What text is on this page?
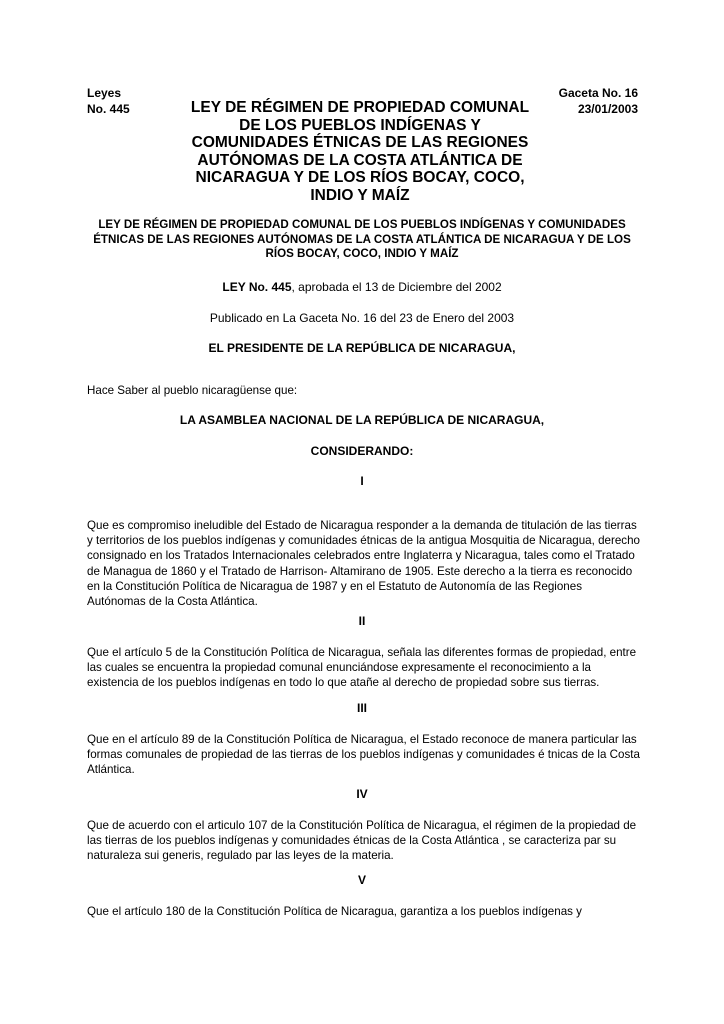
Leyes
No. 445
Gaceta No. 16
23/01/2003
LEY DE RÉGIMEN DE PROPIEDAD COMUNAL DE LOS PUEBLOS INDÍGENAS Y COMUNIDADES ÉTNICAS DE LAS REGIONES AUTÓNOMAS DE LA COSTA ATLÁNTICA DE NICARAGUA Y DE LOS RÍOS BOCAY, COCO, INDIO Y MAÍZ
LEY DE RÉGIMEN DE PROPIEDAD COMUNAL DE LOS PUEBLOS INDÍGENAS Y COMUNIDADES ÉTNICAS DE LAS REGIONES AUTÓNOMAS DE LA COSTA ATLÁNTICA DE NICARAGUA Y DE LOS RÍOS BOCAY, COCO, INDIO Y MAÍZ
LEY No. 445, aprobada el 13 de Diciembre del 2002
Publicado en La Gaceta No. 16 del 23 de Enero del 2003
EL PRESIDENTE DE LA REPÚBLICA DE NICARAGUA,
Hace Saber al pueblo nicaragüense que:
LA ASAMBLEA NACIONAL DE LA REPÚBLICA DE NICARAGUA,
CONSIDERANDO:
I
Que es compromiso ineludible del Estado de Nicaragua responder a la demanda de titulación de las tierras y territorios de los pueblos indígenas y comunidades étnicas de la antigua Mosquitia de Nicaragua, derecho consignado en los Tratados Internacionales celebrados entre Inglaterra y Nicaragua, tales como el Tratado de Managua de 1860 y el Tratado de Harrison- Altamirano de 1905. Este derecho a la tierra es reconocido en la Constitución Política de Nicaragua de 1987 y en el Estatuto de Autonomía de las Regiones Autónomas de la Costa Atlántica.
II
Que el artículo 5 de la Constitución Política de Nicaragua, señala las diferentes formas de propiedad, entre las cuales se encuentra la propiedad comunal enunciándose expresamente el reconocimiento a la existencia de los pueblos indígenas en todo lo que atañe al derecho de propiedad sobre sus tierras.
III
Que en el artículo 89 de la Constitución Política de Nicaragua, el Estado reconoce de manera particular las formas comunales de propiedad de las tierras de los pueblos indígenas y comunidades é tnicas de la Costa Atlántica.
IV
Que de acuerdo con el articulo 107 de la Constitución Política de Nicaragua, el régimen de la propiedad de las tierras de los pueblos indígenas y comunidades étnicas de la Costa Atlántica , se caracteriza par su naturaleza sui generis, regulado par las leyes de la materia.
V
Que el artículo 180 de la Constitución Política de Nicaragua, garantiza a los pueblos indígenas y
